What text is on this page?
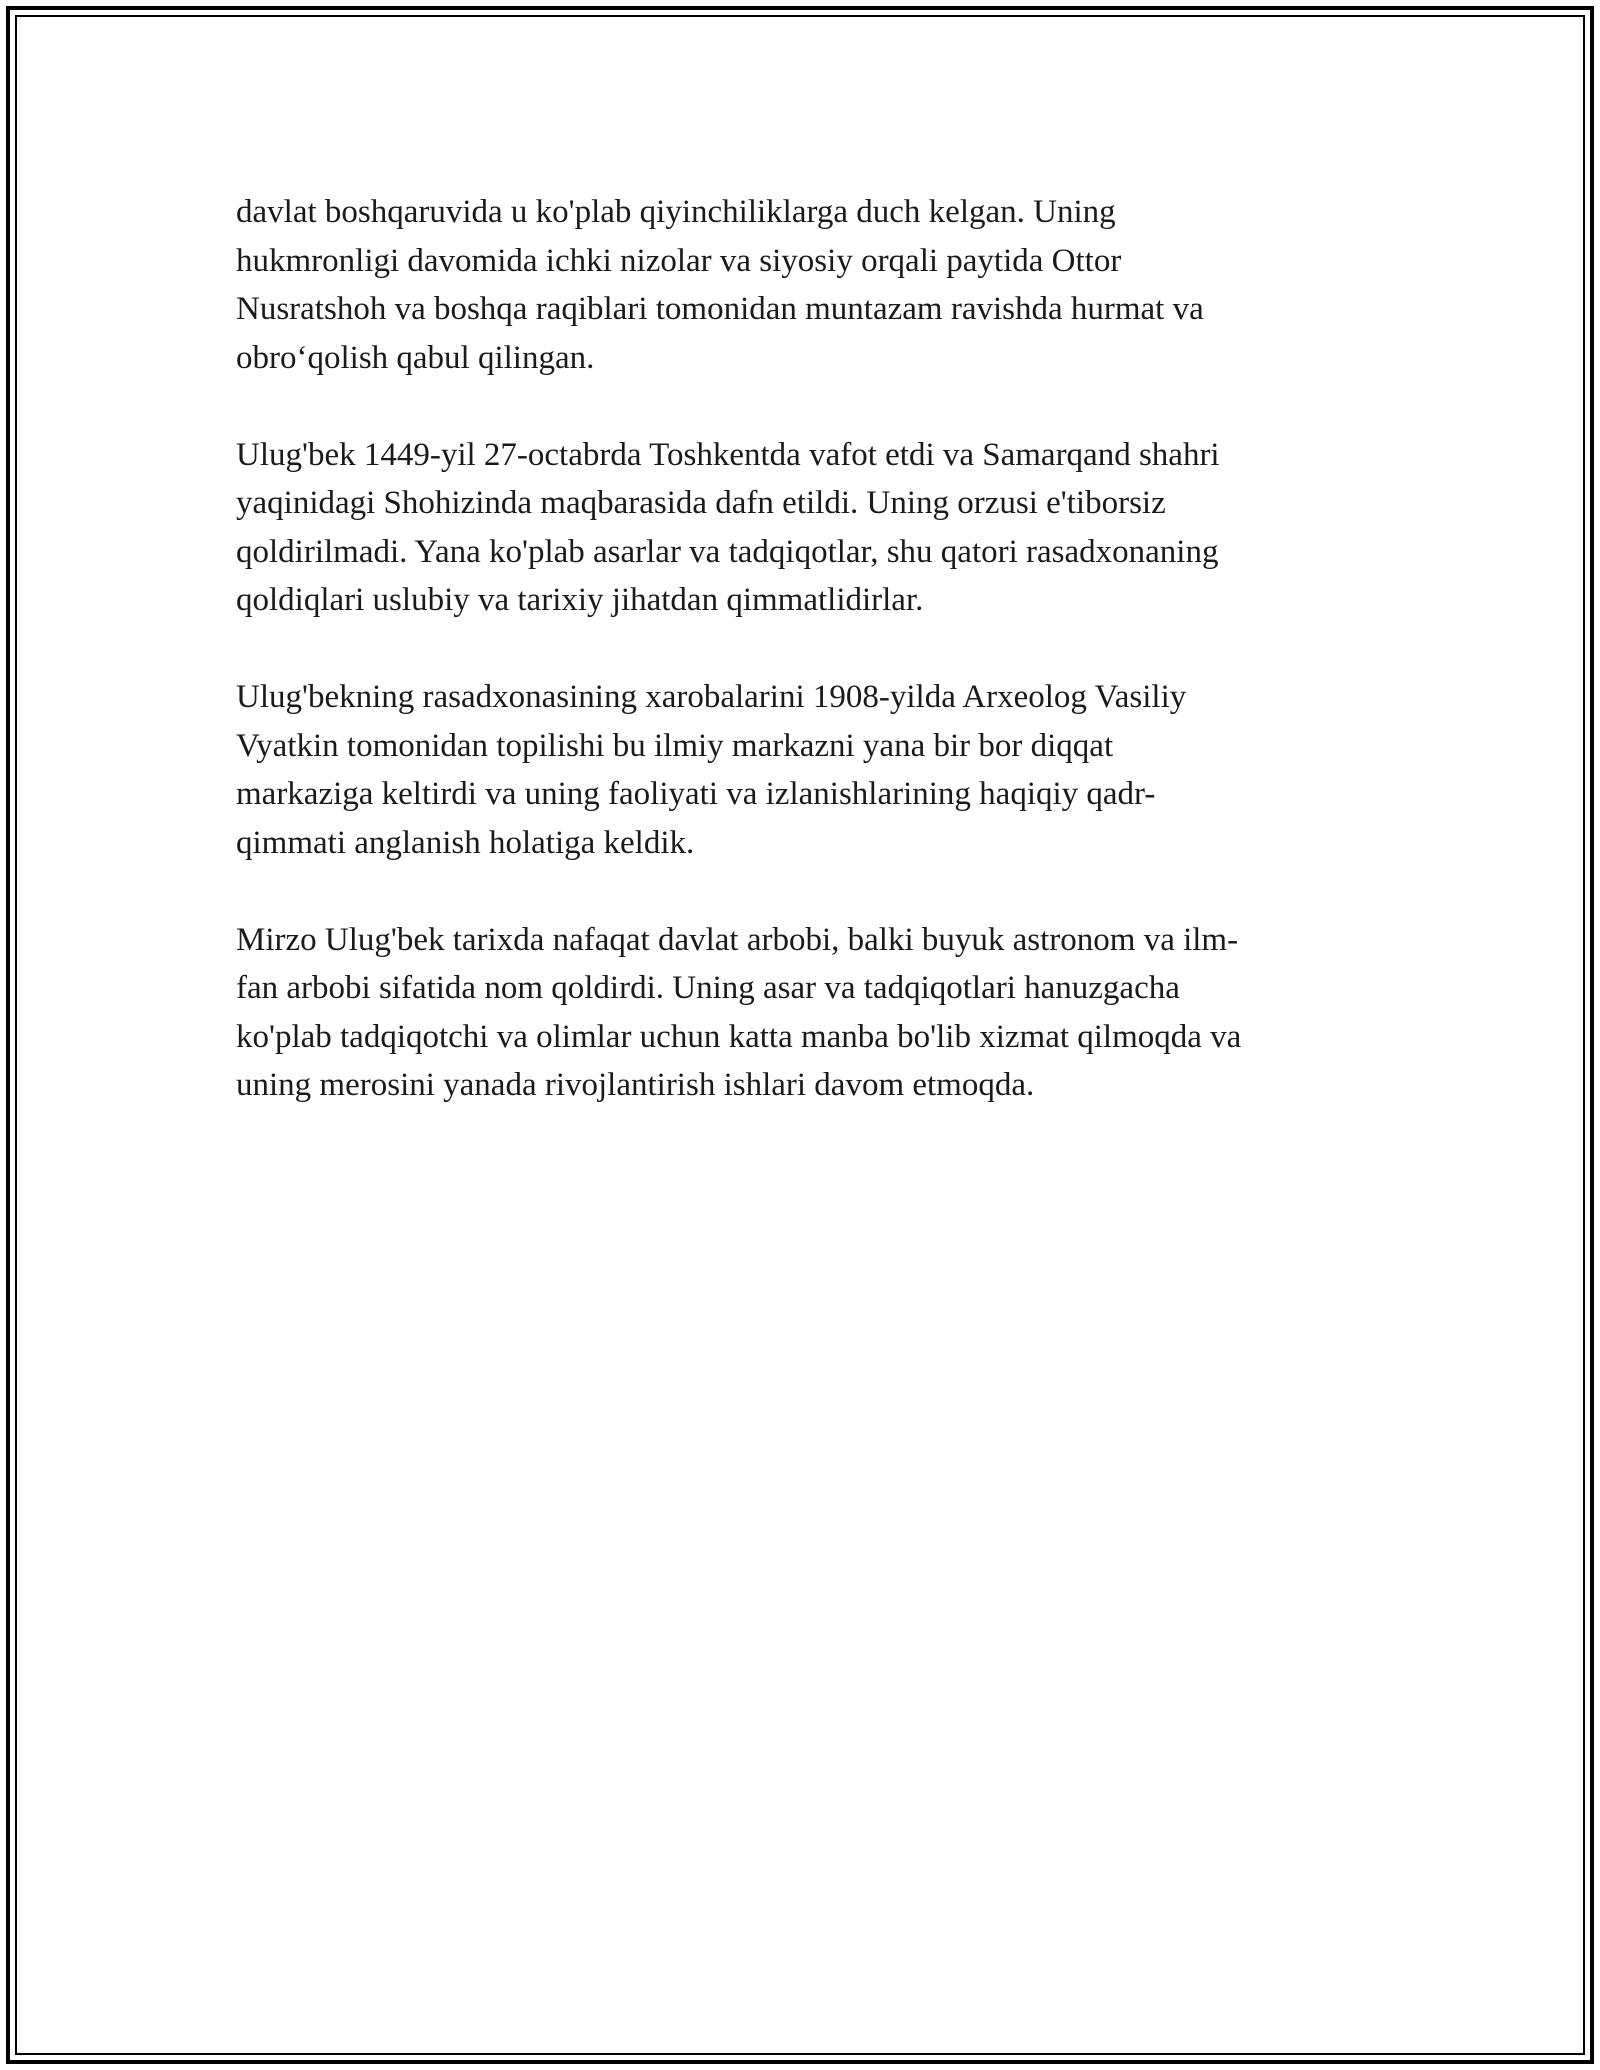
davlat boshqaruvida u ko'plab qiyinchiliklarga duch kelgan. Uning
hukmronligi davomida ichki nizolar va siyosiy orqali paytida Ottor
Nusratshoh va boshqa raqiblari tomonidan muntazam ravishda hurmat va
obro‘qolish qabul qilingan.

Ulug'bek 1449-yil 27-octabrda Toshkentda vafot etdi va Samarqand shahri
yaqinidagi Shohizinda maqbarasida dafn etildi. Uning orzusi e'tiborsiz
qoldirilmadi. Yana ko'plab asarlar va tadqiqotlar, shu qatori rasadxonaning
qoldiqlari uslubiy va tarixiy jihatdan qimmatlidirlar.

Ulug'bekning rasadxonasining xarobalarini 1908-yilda Arxeolog Vasiliy
Vyatkin tomonidan topilishi bu ilmiy markazni yana bir bor diqqat
markaziga keltirdi va uning faoliyati va izlanishlarining haqiqiy qadr-
qimmati anglanish holatiga keldik.

Mirzo Ulug'bek tarixda nafaqat davlat arbobi, balki buyuk astronom va ilm-
fan arbobi sifatida nom qoldirdi. Uning asar va tadqiqotlari hanuzgacha
ko'plab tadqiqotchi va olimlar uchun katta manba bo'lib xizmat qilmoqda va
uning merosini yanada rivojlantirish ishlari davom etmoqda.
